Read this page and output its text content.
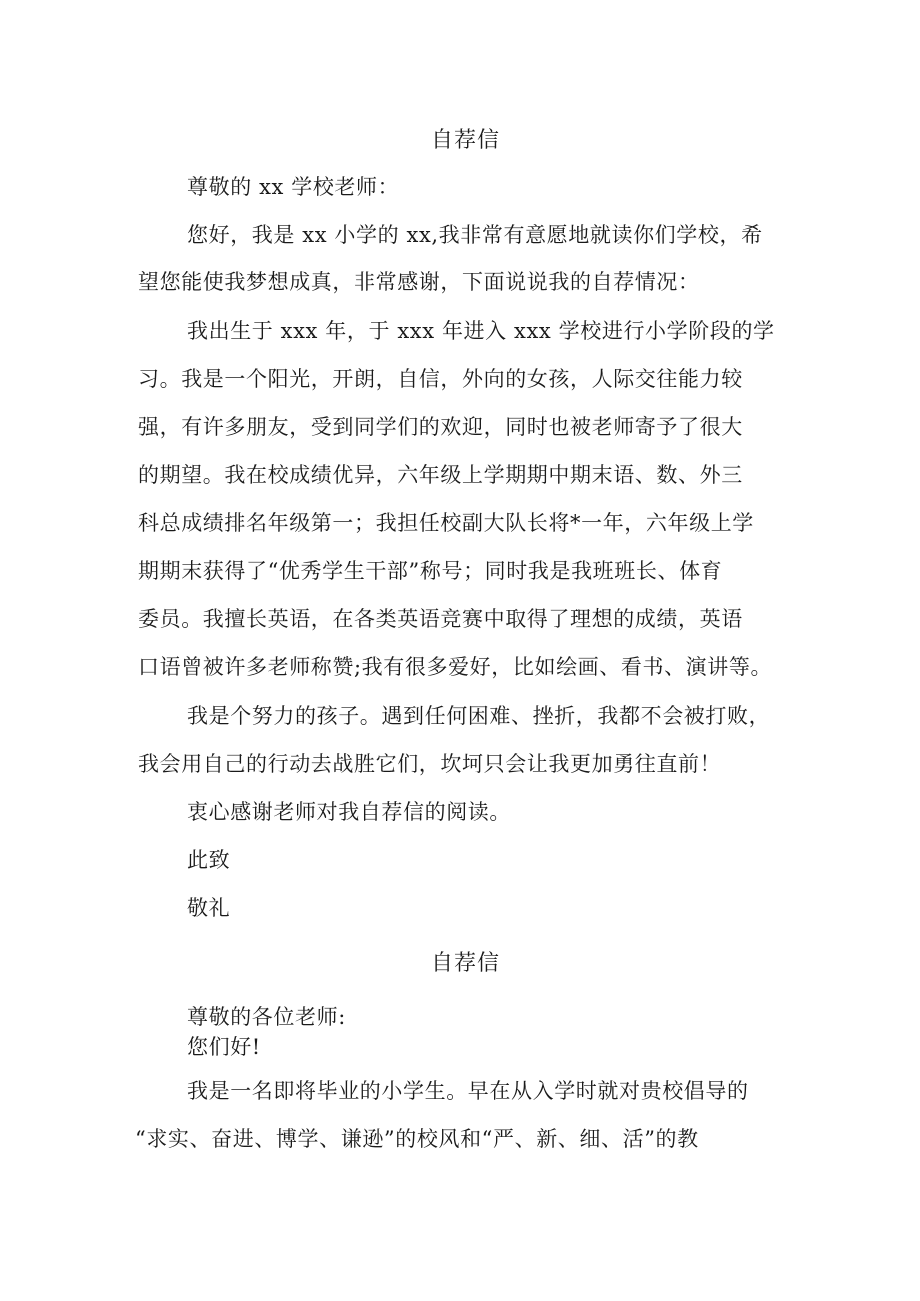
自荐信
尊敬的 xx 学校老师：
您好，我是 xx 小学的 xx,我非常有意愿地就读你们学校，希
望您能使我梦想成真，非常感谢，下面说说我的自荐情况：
我出生于 xxx 年，于 xxx 年进入 xxx 学校进行小学阶段的学
习。我是一个阳光，开朗，自信，外向的女孩，人际交往能力较
强，有许多朋友，受到同学们的欢迎，同时也被老师寄予了很大
的期望。我在校成绩优异，六年级上学期期中期末语、数、外三
科总成绩排名年级第一；我担任校副大队长将*一年，六年级上学
期期末获得了“优秀学生干部”称号；同时我是我班班长、体育
委员。我擅长英语，在各类英语竞赛中取得了理想的成绩，英语
口语曾被许多老师称赞;我有很多爱好，比如绘画、看书、演讲等。
我是个努力的孩子。遇到任何困难、挫折，我都不会被打败，
我会用自己的行动去战胜它们，坎坷只会让我更加勇往直前！
衷心感谢老师对我自荐信的阅读。
此致
敬礼
自荐信
尊敬的各位老师:
您们好!
我是一名即将毕业的小学生。早在从入学时就对贵校倡导的
“求实、奋进、博学、谦逊”的校风和“严、新、细、活”的教
